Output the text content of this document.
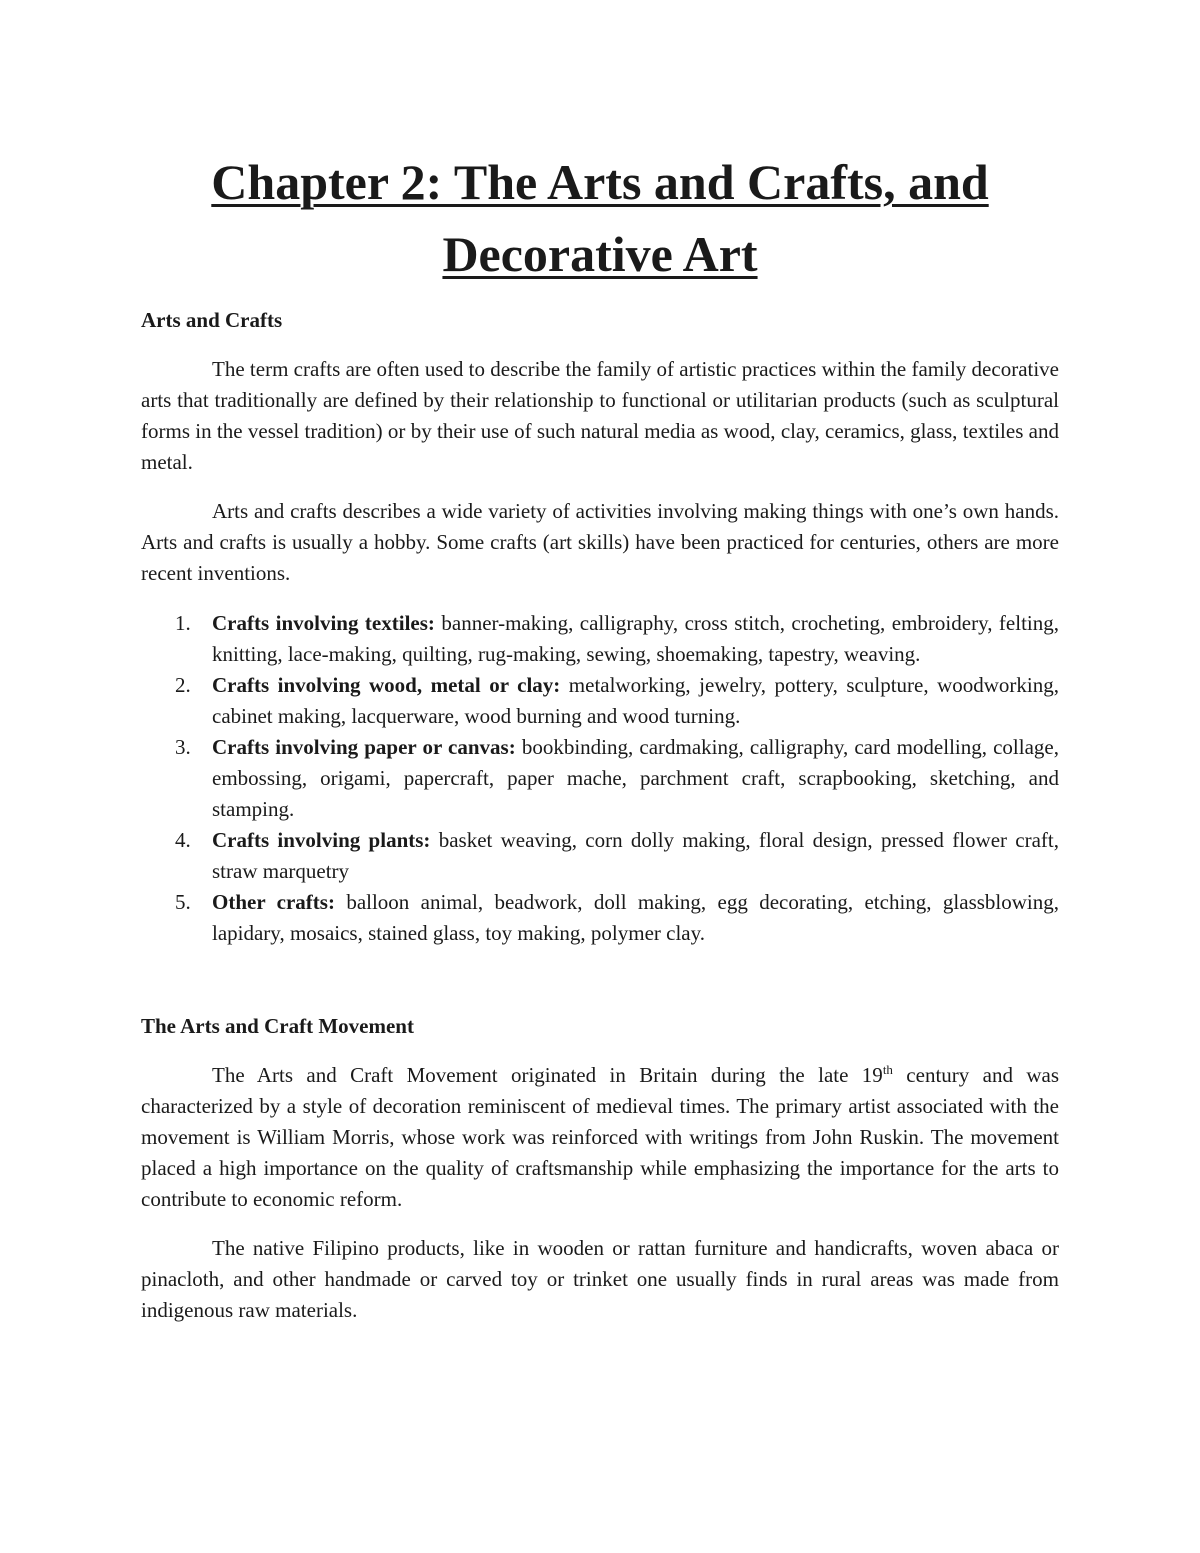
Chapter 2: The Arts and Crafts, and
Decorative Art
Arts and Crafts

The term crafts are often used to describe the family of artistic practices within the family decorative arts that traditionally are defined by their relationship to functional or utilitarian products (such as sculptural forms in the vessel tradition) or by their use of such natural media as wood, clay, ceramics, glass, textiles and metal.

Arts and crafts describes a wide variety of activities involving making things with one’s own hands. Arts and crafts is usually a hobby. Some crafts (art skills) have been practiced for centuries, others are more recent inventions.

1. Crafts involving textiles: banner-making, calligraphy, cross stitch, crocheting, embroidery, felting, knitting, lace-making, quilting, rug-making, sewing, shoemaking, tapestry, weaving.
2. Crafts involving wood, metal or clay: metalworking, jewelry, pottery, sculpture, woodworking, cabinet making, lacquerware, wood burning and wood turning.
3. Crafts involving paper or canvas: bookbinding, cardmaking, calligraphy, card modelling, collage, embossing, origami, papercraft, paper mache, parchment craft, scrapbooking, sketching, and stamping.
4. Crafts involving plants: basket weaving, corn dolly making, floral design, pressed flower craft, straw marquetry
5. Other crafts: balloon animal, beadwork, doll making, egg decorating, etching, glassblowing, lapidary, mosaics, stained glass, toy making, polymer clay.
The Arts and Craft Movement

The Arts and Craft Movement originated in Britain during the late 19th century and was characterized by a style of decoration reminiscent of medieval times. The primary artist associated with the movement is William Morris, whose work was reinforced with writings from John Ruskin. The movement placed a high importance on the quality of craftsmanship while emphasizing the importance for the arts to contribute to economic reform.

The native Filipino products, like in wooden or rattan furniture and handicrafts, woven abaca or pinacloth, and other handmade or carved toy or trinket one usually finds in rural areas was made from indigenous raw materials.
